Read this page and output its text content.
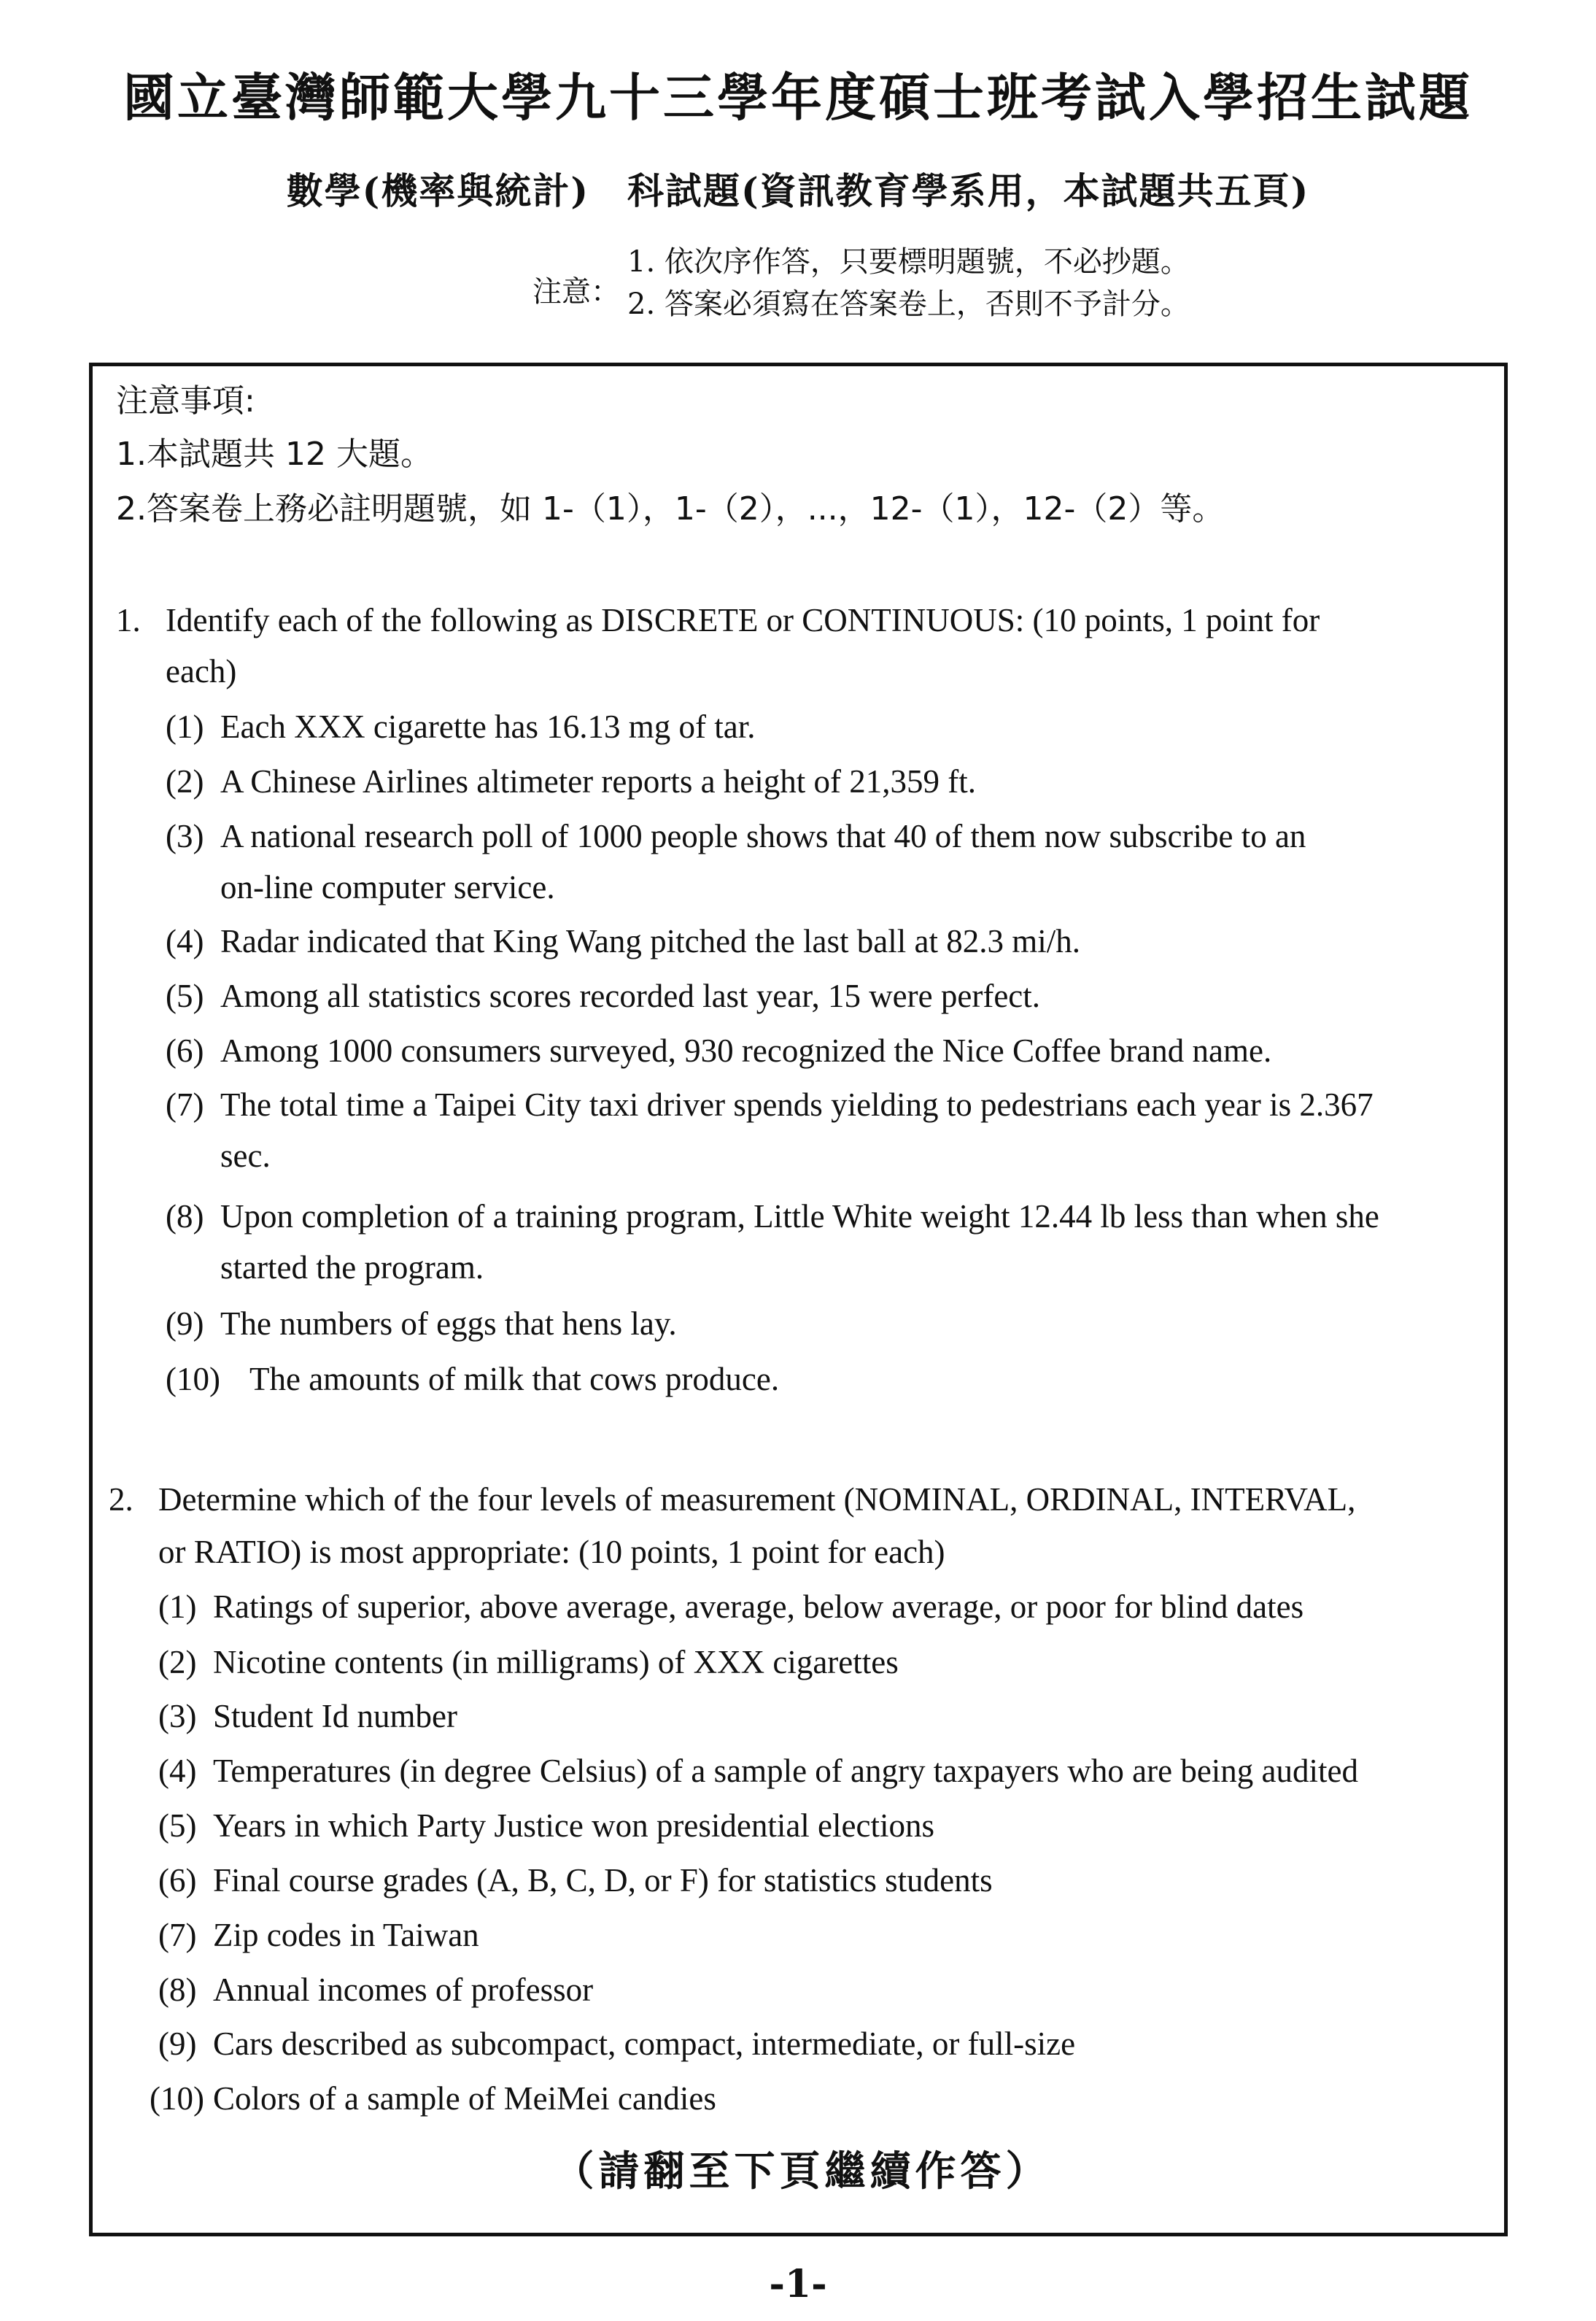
國立臺灣師範大學九十三學年度碩士班考試入學招生試題
數學(機率與統計)　科試題(資訊教育學系用，本試題共五頁)
注意：
1. 依次序作答，只要標明題號，不必抄題。
2. 答案必須寫在答案卷上，否則不予計分。
注意事項:
1.本試題共 12 大題。
2.答案卷上務必註明題號，如 1-（1），1-（2），...，12-（1），12-（2）等。
1. Identify each of the following as DISCRETE or CONTINUOUS: (10 points, 1 point for
each)
(1) Each XXX cigarette has 16.13 mg of tar.
(2) A Chinese Airlines altimeter reports a height of 21,359 ft.
(3) A national research poll of 1000 people shows that 40 of them now subscribe to an
on-line computer service.
(4) Radar indicated that King Wang pitched the last ball at 82.3 mi/h.
(5) Among all statistics scores recorded last year, 15 were perfect.
(6) Among 1000 consumers surveyed, 930 recognized the Nice Coffee brand name.
(7) The total time a Taipei City taxi driver spends yielding to pedestrians each year is 2.367
sec.
(8) Upon completion of a training program, Little White weight 12.44 lb less than when she
started the program.
(9) The numbers of eggs that hens lay.
(10) The amounts of milk that cows produce.
2. Determine which of the four levels of measurement (NOMINAL, ORDINAL, INTERVAL,
or RATIO) is most appropriate: (10 points, 1 point for each)
(1) Ratings of superior, above average, average, below average, or poor for blind dates
(2) Nicotine contents (in milligrams) of XXX cigarettes
(3) Student Id number
(4) Temperatures (in degree Celsius) of a sample of angry taxpayers who are being audited
(5) Years in which Party Justice won presidential elections
(6) Final course grades (A, B, C, D, or F) for statistics students
(7) Zip codes in Taiwan
(8) Annual incomes of professor
(9) Cars described as subcompact, compact, intermediate, or full-size
(10) Colors of a sample of MeiMei candies
（請翻至下頁繼續作答）
-1-
